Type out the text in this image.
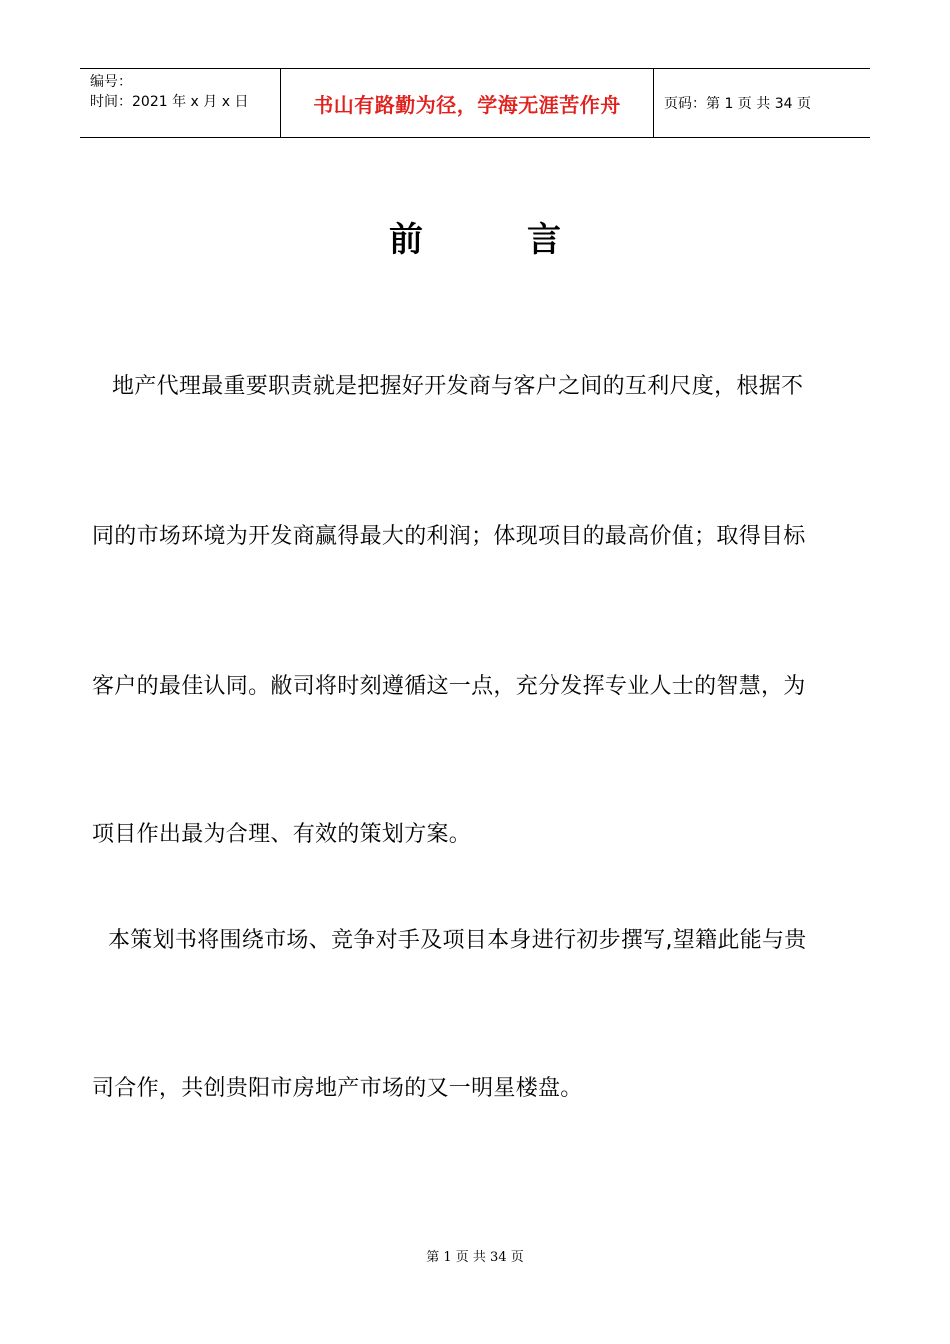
编号：
时间：2021 年 x 月 x 日	书山有路勤为径，学海无涯苦作舟	页码：第 1 页 共 34 页
前言
地产代理最重要职责就是把握好开发商与客户之间的互利尺度，根据不
同的市场环境为开发商赢得最大的利润；体现项目的最高价值；取得目标
客户的最佳认同。敝司将时刻遵循这一点，充分发挥专业人士的智慧，为
项目作出最为合理、有效的策划方案。
本策划书将围绕市场、竞争对手及项目本身进行初步撰写,望籍此能与贵
司合作，共创贵阳市房地产市场的又一明星楼盘。
第 1 页 共 34 页
